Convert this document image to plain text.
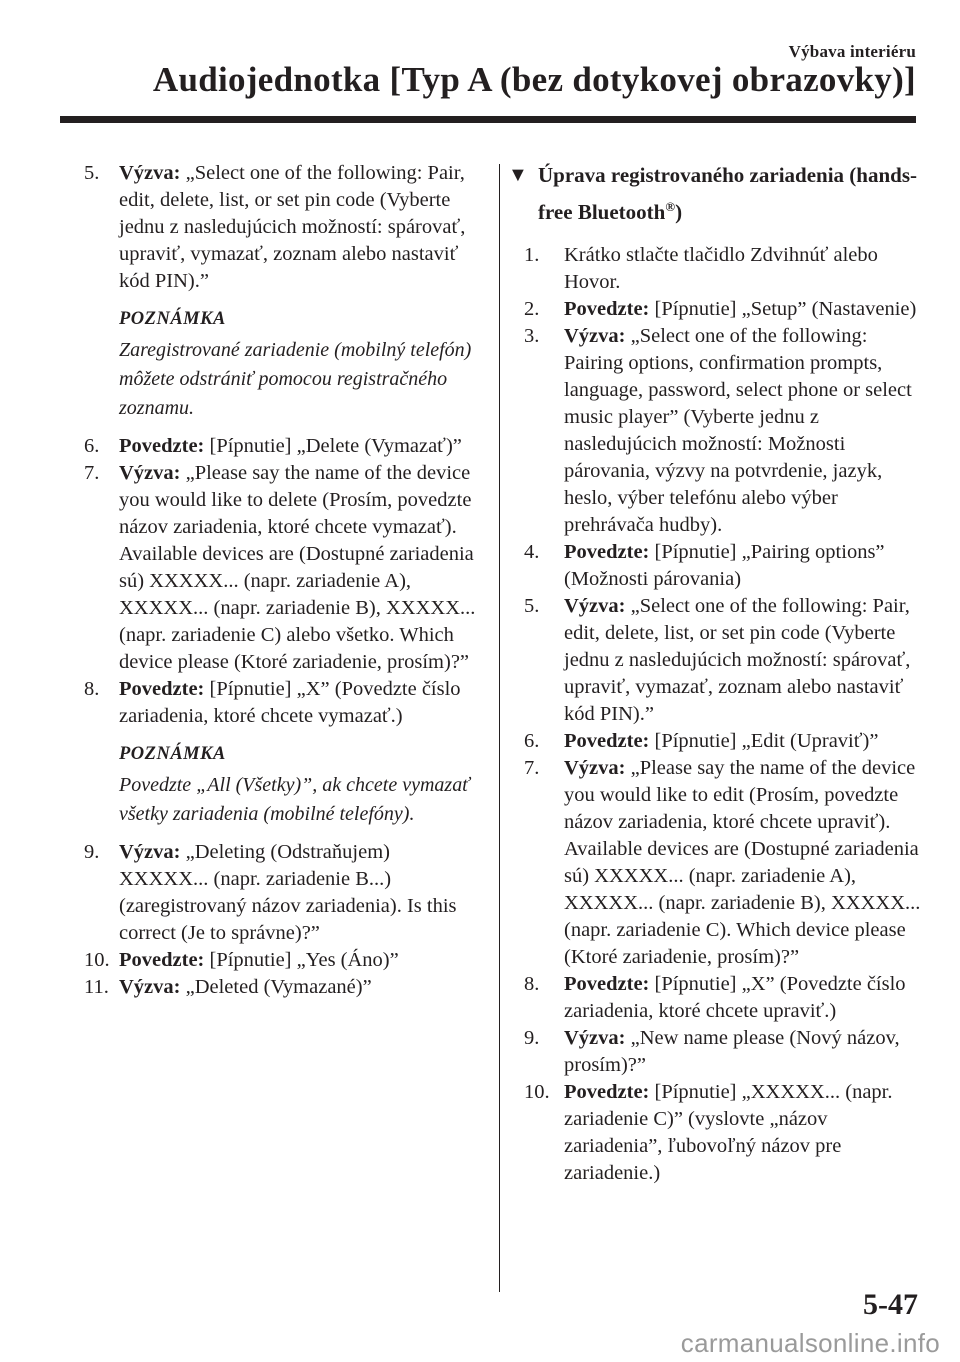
Výbava interiéru
Audiojednotka [Typ A (bez dotykovej obrazovky)]
5. Výzva: „Select one of the following: Pair, edit, delete, list, or set pin code (Vyberte jednu z nasledujúcich možností: spárovať, upraviť, vymazať, zoznam alebo nastaviť kód PIN).”
POZNÁMKA
Zaregistrované zariadenie (mobilný telefón) môžete odstrániť pomocou registračného zoznamu.
6. Povedzte: [Pípnutie] „Delete (Vymazať)”
7. Výzva: „Please say the name of the device you would like to delete (Prosím, povedzte názov zariadenia, ktoré chcete vymazať). Available devices are (Dostupné zariadenia sú) XXXXX... (napr. zariadenie A), XXXXX... (napr. zariadenie B), XXXXX... (napr. zariadenie C) alebo všetko. Which device please (Ktoré zariadenie, prosím)?”
8. Povedzte: [Pípnutie] „X” (Povedzte číslo zariadenia, ktoré chcete vymazať.)
POZNÁMKA
Povedzte „All (Všetky)”, ak chcete vymazať všetky zariadenia (mobilné telefóny).
9. Výzva: „Deleting (Odstraňujem) XXXXX... (napr. zariadenie B...) (zaregistrovaný názov zariadenia). Is this correct (Je to správne)?”
10. Povedzte: [Pípnutie] „Yes (Áno)”
11. Výzva: „Deleted (Vymazané)”
▼ Úprava registrovaného zariadenia (hands-free Bluetooth®)
1.	Krátko stlačte tlačidlo Zdvihnúť alebo Hovor.
2.	Povedzte: [Pípnutie] „Setup” (Nastavenie)
3.	Výzva: „Select one of the following: Pairing options, confirmation prompts, language, password, select phone or select music player” (Vyberte jednu z nasledujúcich možností: Možnosti párovania, výzvy na potvrdenie, jazyk, heslo, výber telefónu alebo výber prehrávača hudby).
4.	Povedzte: [Pípnutie] „Pairing options” (Možnosti párovania)
5.	Výzva: „Select one of the following: Pair, edit, delete, list, or set pin code (Vyberte jednu z nasledujúcich možností: spárovať, upraviť, vymazať, zoznam alebo nastaviť kód PIN).”
6.	Povedzte: [Pípnutie] „Edit (Upraviť)”
7.	Výzva: „Please say the name of the device you would like to edit (Prosím, povedzte názov zariadenia, ktoré chcete upraviť). Available devices are (Dostupné zariadenia sú) XXXXX... (napr. zariadenie A), XXXXX... (napr. zariadenie B), XXXXX... (napr. zariadenie C). Which device please (Ktoré zariadenie, prosím)?”
8.	Povedzte: [Pípnutie] „X” (Povedzte číslo zariadenia, ktoré chcete upraviť.)
9.	Výzva: „New name please (Nový názov, prosím)?”
10. Povedzte: [Pípnutie] „XXXXX... (napr. zariadenie C)” (vyslovte „názov zariadenia”, ľubovoľný názov pre zariadenie.)
5-47
carmanualsonline.info
